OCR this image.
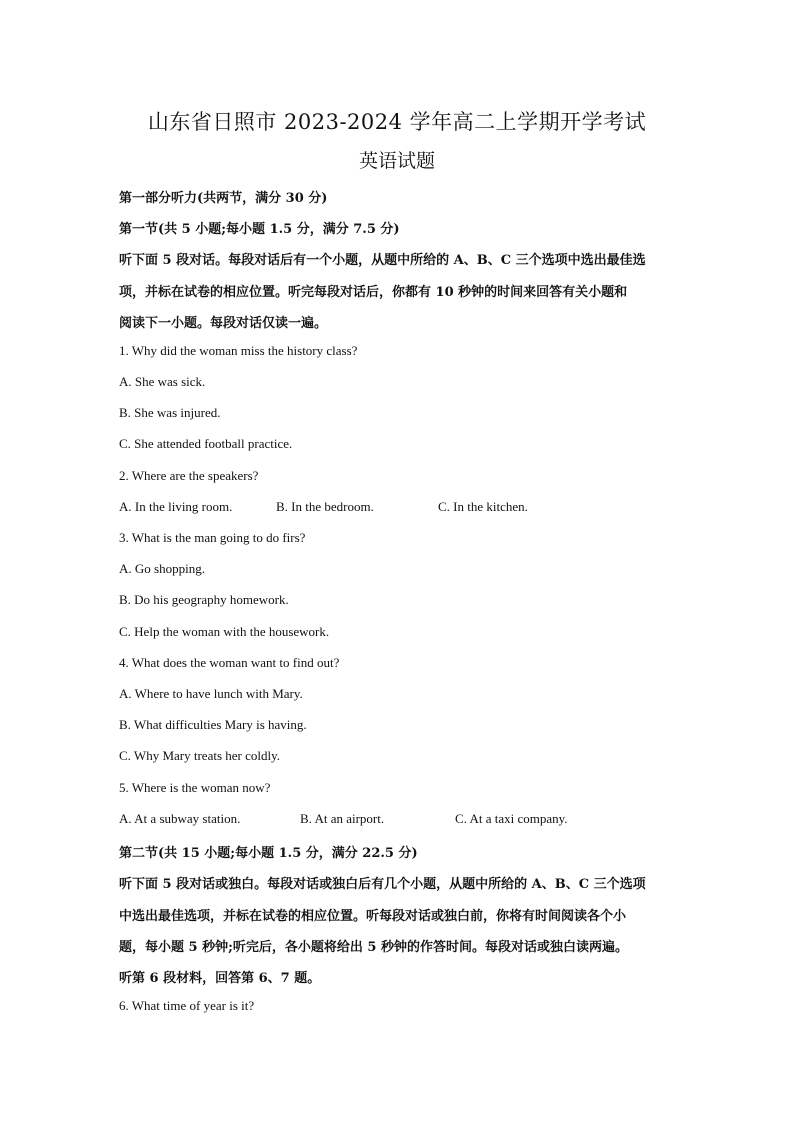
山东省日照市 2023-2024 学年高二上学期开学考试
英语试题
第一部分听力(共两节，满分 30 分)
第一节(共 5 小题;每小题 1.5 分，满分 7.5 分)
听下面 5 段对话。每段对话后有一个小题，从题中所给的 A、B、C 三个选项中选出最佳选
项，并标在试卷的相应位置。听完每段对话后，你都有 10 秒钟的时间来回答有关小题和
阅读下一小题。每段对话仅读一遍。
1. Why did the woman miss the history class?
A. She was sick.
B. She was injured.
C. She attended football practice.
2. Where are the speakers?
A. In the living room.	B. In the bedroom.	C. In the kitchen.
3. What is the man going to do firs?
A. Go shopping.
B. Do his geography homework.
C. Help the woman with the housework.
4. What does the woman want to find out?
A. Where to have lunch with Mary.
B. What difficulties Mary is having.
C. Why Mary treats her coldly.
5. Where is the woman now?
A. At a subway station.	B. At an airport.	C. At a taxi company.
第二节(共 15 小题;每小题 1.5 分，满分 22.5 分)
听下面 5 段对话或独白。每段对话或独白后有几个小题，从题中所给的 A、B、C 三个选项
中选出最佳选项，并标在试卷的相应位置。听每段对话或独白前，你将有时间阅读各个小
题，每小题 5 秒钟;听完后，各小题将给出 5 秒钟的作答时间。每段对话或独白读两遍。
听第 6 段材料，回答第 6、7 题。
6. What time of year is it?
